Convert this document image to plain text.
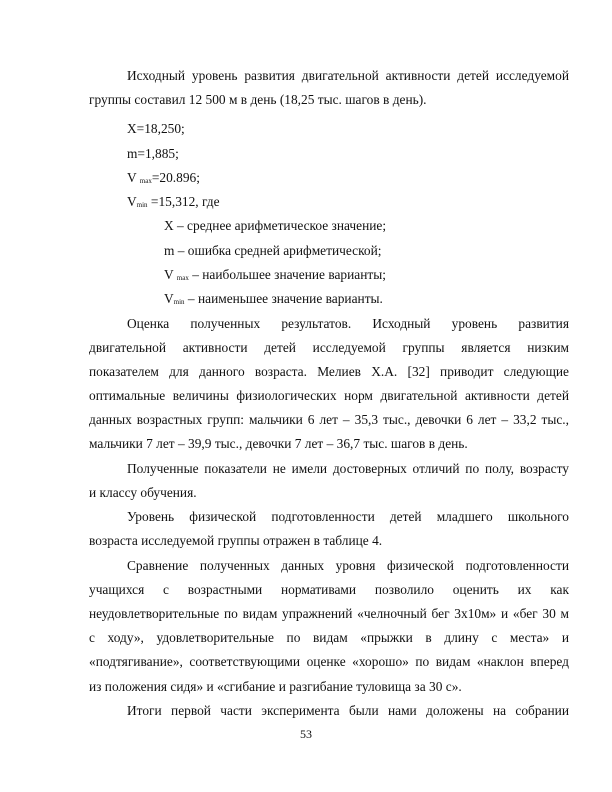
Исходный уровень развития двигательной активности детей исследуемой
группы составил 12 500 м в день (18,25 тыс. шагов в день).
X=18,250;
m=1,885;
V $_{max}$=20.896;
$V_{min} =15,312$, где
X – среднее арифметическое значение;
m – ошибка средней арифметической;
V $_{max}$ – наибольшее значение варианты;
$V_{min}$ – наименьшее значение варианты.
Оценка полученных результатов. Исходный уровень развития
двигательной активности детей исследуемой группы является низким
показателем для данного возраста. Мелиев Х.А. [32] приводит следующие
оптимальные величины физиологических норм двигательной активности детей
данных возрастных групп: мальчики 6 лет – 35,3 тыс., девочки 6 лет – 33,2 тыс.,
мальчики 7 лет – 39,9 тыс., девочки 7 лет – 36,7 тыс. шагов в день.
Полученные показатели не имели достоверных отличий по полу, возрасту
и классу обучения.
Уровень физической подготовленности детей младшего школьного
возраста исследуемой группы отражен в таблице 4.
Сравнение полученных данных уровня физической подготовленности
учащихся с возрастными нормативами позволило оценить их как
неудовлетворительные по видам упражнений «челночный бег 3х10м» и «бег 30 м
с ходу», удовлетворительные по видам «прыжки в длину с места» и
«подтягивание», соответствующими оценке «хорошо» по видам «наклон вперед
из положения сидя» и «сгибание и разгибание туловища за 30 с».
Итоги первой части эксперимента были нами доложены на собрании
53
